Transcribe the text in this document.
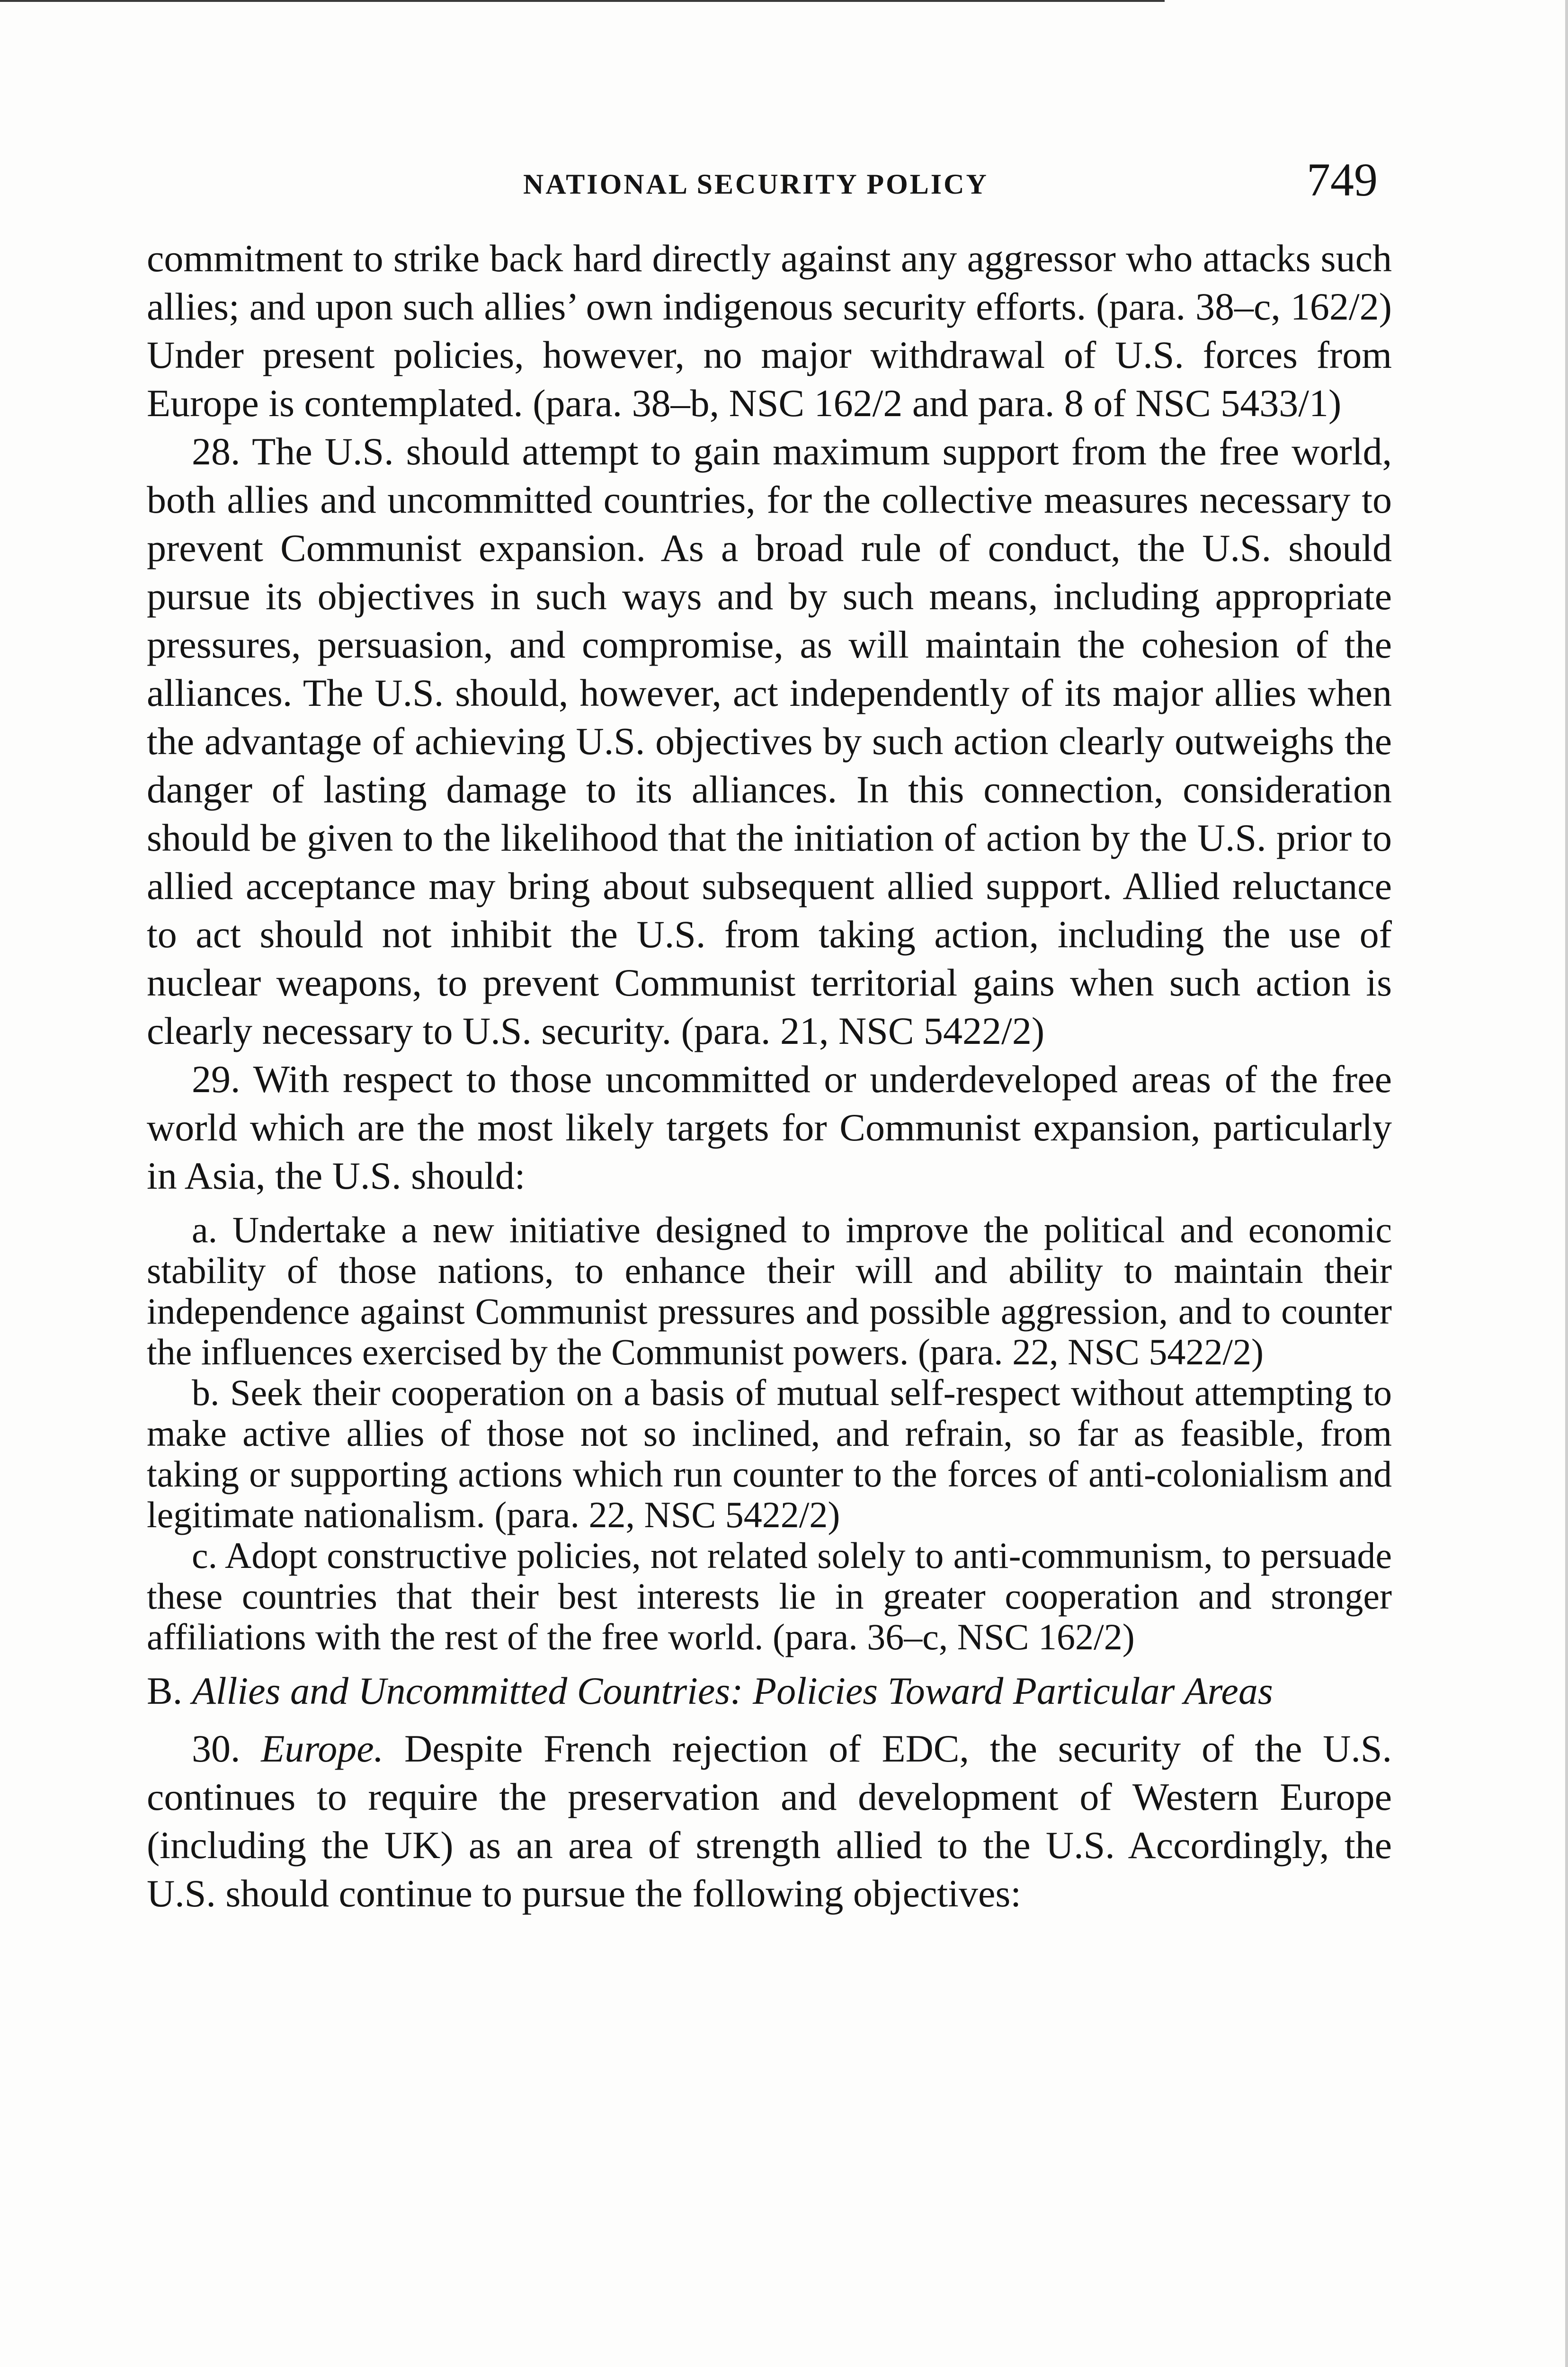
NATIONAL SECURITY POLICY	749

commitment to strike back hard directly against any aggressor who attacks such allies; and upon such allies’ own indigenous security efforts. (para. 38–c, 162/2) Under present policies, however, no major withdrawal of U.S. forces from Europe is contemplated. (para. 38–b, NSC 162/2 and para. 8 of NSC 5433/1)

28. The U.S. should attempt to gain maximum support from the free world, both allies and uncommitted countries, for the collective measures necessary to prevent Communist expansion. As a broad rule of conduct, the U.S. should pursue its objectives in such ways and by such means, including appropriate pressures, persuasion, and compromise, as will maintain the cohesion of the alliances. The U.S. should, however, act independently of its major allies when the advantage of achieving U.S. objectives by such action clearly outweighs the danger of lasting damage to its alliances. In this connection, consideration should be given to the likelihood that the initiation of action by the U.S. prior to allied acceptance may bring about subsequent allied support. Allied reluctance to act should not inhibit the U.S. from taking action, including the use of nuclear weapons, to prevent Communist territorial gains when such action is clearly necessary to U.S. security. (para. 21, NSC 5422/2)

29. With respect to those uncommitted or underdeveloped areas of the free world which are the most likely targets for Communist expansion, particularly in Asia, the U.S. should:

a. Undertake a new initiative designed to improve the political and economic stability of those nations, to enhance their will and ability to maintain their independence against Communist pressures and possible aggression, and to counter the influences exercised by the Communist powers. (para. 22, NSC 5422/2)

b. Seek their cooperation on a basis of mutual self-respect without attempting to make active allies of those not so inclined, and refrain, so far as feasible, from taking or supporting actions which run counter to the forces of anti-colonialism and legitimate nationalism. (para. 22, NSC 5422/2)

c. Adopt constructive policies, not related solely to anti-communism, to persuade these countries that their best interests lie in greater cooperation and stronger affiliations with the rest of the free world. (para. 36–c, NSC 162/2)

B. Allies and Uncommitted Countries: Policies Toward Particular Areas

30. Europe. Despite French rejection of EDC, the security of the U.S. continues to require the preservation and development of Western Europe (including the UK) as an area of strength allied to the U.S. Accordingly, the U.S. should continue to pursue the following objectives:
